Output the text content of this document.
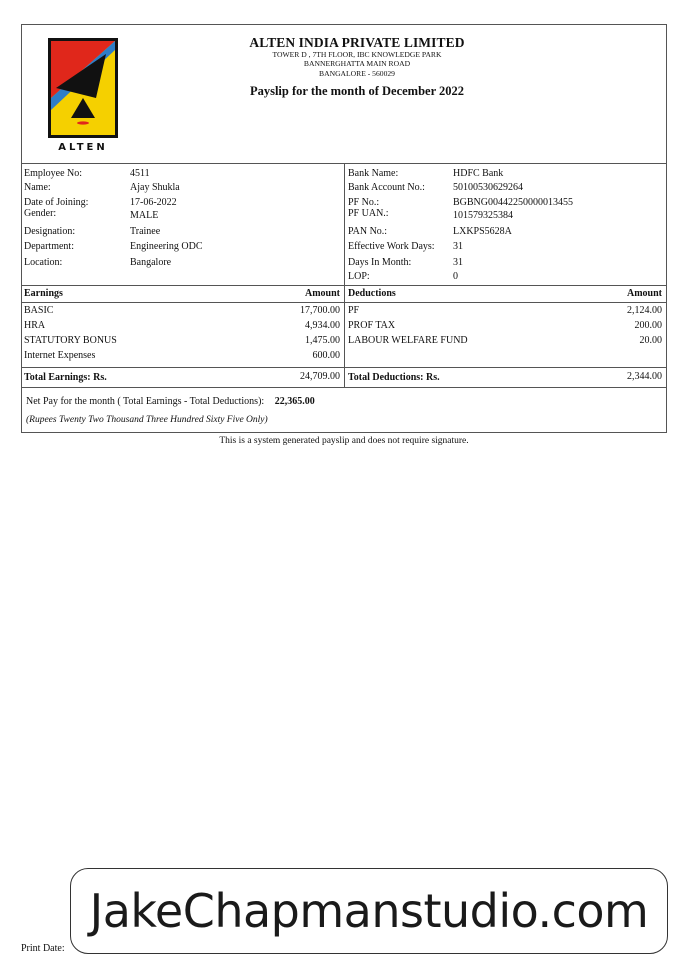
ALTEN
ALTEN INDIA PRIVATE LIMITED
TOWER D , 7TH FLOOR, IBC KNOWLEDGE PARK
BANNERGHATTA MAIN ROAD
BANGALORE - 560029
Payslip for the month of December 2022
Employee No:	4511
Name:	Ajay Shukla
Date of Joining:	17-06-2022
Gender:	MALE
Designation:	Trainee
Department:	Engineering ODC
Location:	Bangalore
Bank Name:	HDFC Bank
Bank Account No.:	50100530629264
PF No.:	BGBNG00442250000013455
PF UAN.:	101579325384
PAN No.:	LXKPS5628A
Effective Work Days: 31
Days In Month:	31
LOP:	0
Earnings	Amount Deductions	Amount
BASIC	17,700.00
HRA	4,934.00
STATUTORY BONUS	1,475.00
Internet Expenses	600.00
PF	2,124.00
PROF TAX	200.00
LABOUR WELFARE FUND	20.00
Total Earnings: Rs.	24,709.00 Total Deductions: Rs.	2,344.00
Net Pay for the month ( Total Earnings - Total Deductions): 22,365.00
(Rupees Twenty Two Thousand Three Hundred Sixty Five Only)
This is a system generated payslip and does not require signature.
Print Date:
JakeChapmanstudio.com
